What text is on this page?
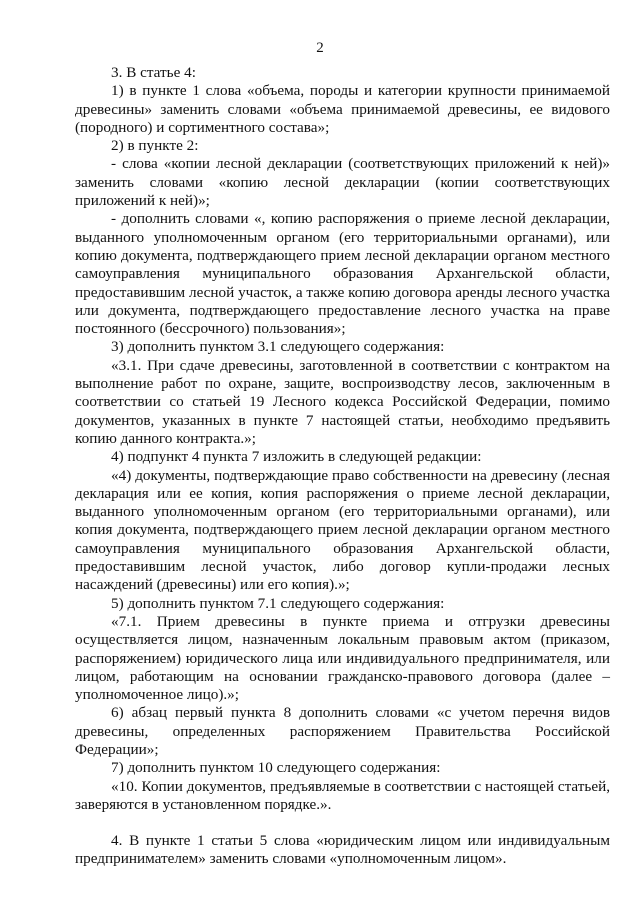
2

3. В статье 4:

1) в пункте 1 слова «объема, породы и категории крупности принимаемой древесины» заменить словами «объема принимаемой древесины, ее видового (породного) и сортиментного состава»;

2) в пункте 2:

- слова «копии лесной декларации (соответствующих приложений к ней)» заменить словами «копию лесной декларации (копии соответствующих приложений к ней)»;

- дополнить словами «, копию распоряжения о приеме лесной декларации, выданного уполномоченным органом (его территориальными органами), или копию документа, подтверждающего прием лесной декларации органом местного самоуправления муниципального образования Архангельской области, предоставившим лесной участок, а также копию договора аренды лесного участка или документа, подтверждающего предоставление лесного участка на праве постоянного (бессрочного) пользования»;

3) дополнить пунктом 3.1 следующего содержания:

«3.1. При сдаче древесины, заготовленной в соответствии с контрактом на выполнение работ по охране, защите, воспроизводству лесов, заключенным в соответствии со статьей 19 Лесного кодекса Российской Федерации, помимо документов, указанных в пункте 7 настоящей статьи, необходимо предъявить копию данного контракта.»;

4) подпункт 4 пункта 7 изложить в следующей редакции:

«4) документы, подтверждающие право собственности на древесину (лесная декларация или ее копия, копия распоряжения о приеме лесной декларации, выданного уполномоченным органом (его территориальными органами), или копия документа, подтверждающего прием лесной декларации органом местного самоуправления муниципального образования Архангельской области, предоставившим лесной участок, либо договор купли-продажи лесных насаждений (древесины) или его копия).»;

5) дополнить пунктом 7.1 следующего содержания:

«7.1. Прием древесины в пункте приема и отгрузки древесины осуществляется лицом, назначенным локальным правовым актом (приказом, распоряжением) юридического лица или индивидуального предпринимателя, или лицом, работающим на основании гражданско-правового договора (далее – уполномоченное лицо).»;

6) абзац первый пункта 8 дополнить словами «с учетом перечня видов древесины, определенных распоряжением Правительства Российской Федерации»;

7) дополнить пунктом 10 следующего содержания:

«10. Копии документов, предъявляемые в соответствии с настоящей статьей, заверяются в установленном порядке.».

4. В пункте 1 статьи 5 слова «юридическим лицом или индивидуальным предпринимателем» заменить словами «уполномоченным лицом».
